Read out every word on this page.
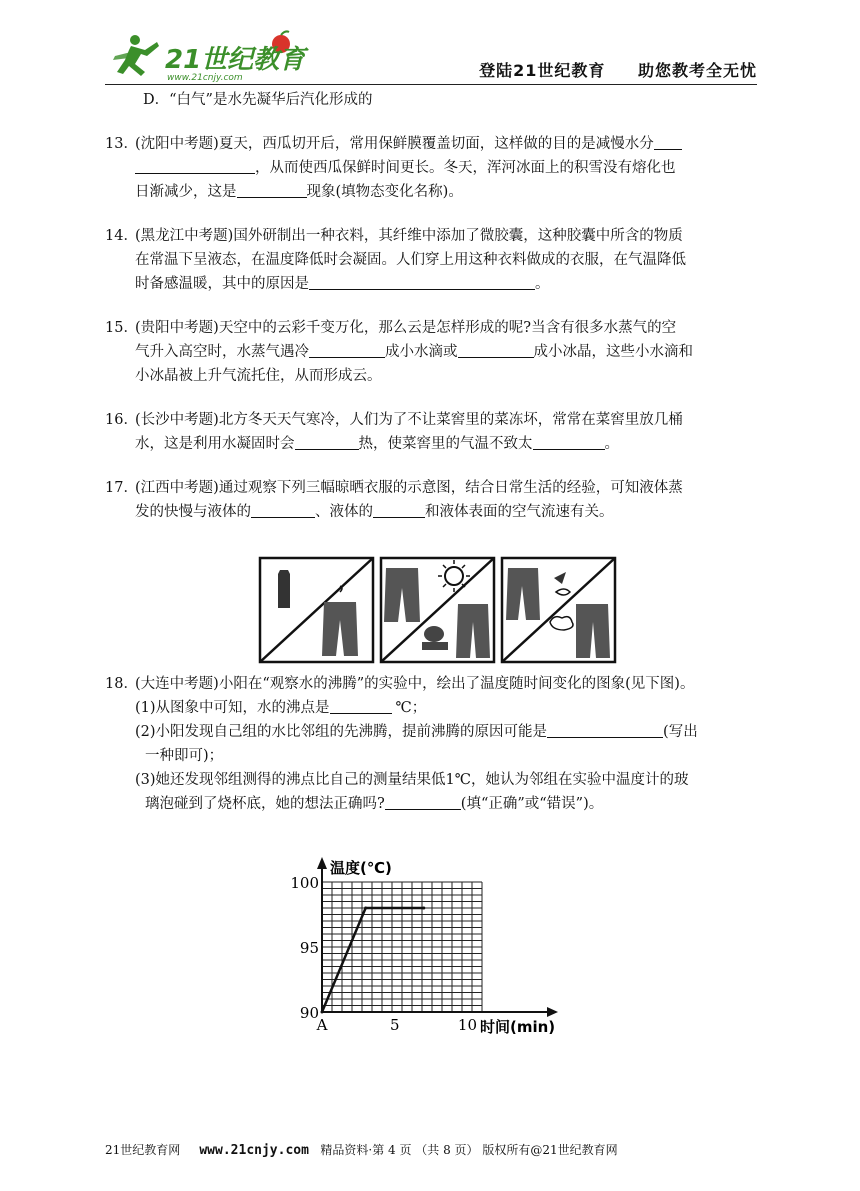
21世纪教育
www.21cnjy.com	登陆21世纪教育 助您教考全无忧
D．“白气”是水先凝华后汽化形成的
13．(沈阳中考题)夏天，西瓜切开后，常用保鲜膜覆盖切面，这样做的目的是减慢水分
，从而使西瓜保鲜时间更长。冬天，浑河冰面上的积雪没有熔化也
日渐减少，这是	现象(填物态变化名称)。
14．(黑龙江中考题)国外研制出一种衣料，其纤维中添加了微胶囊，这种胶囊中所含的物质
在常温下呈液态，在温度降低时会凝固。人们穿上用这种衣料做成的衣服，在气温降低
时备感温暖，其中的原因是	。
15．(贵阳中考题)天空中的云彩千变万化，那么云是怎样形成的呢?当含有很多水蒸气的空
气升入高空时，水蒸气遇冷	成小水滴或	成小冰晶，这些小水滴和
小冰晶被上升气流托住，从而形成云。
16．(长沙中考题)北方冬天天气寒冷，人们为了不让菜窖里的菜冻坏，常常在菜窖里放几桶
水，这是利用水凝固时会	热，使菜窖里的气温不致太	。
17．(江西中考题)通过观察下列三幅晾晒衣服的示意图，结合日常生活的经验，可知液体蒸
发的快慢与液体的	、液体的	和液体表面的空气流速有关。
18．(大连中考题)小阳在“观察水的沸腾”的实验中，绘出了温度随时间变化的图象(见下图)。
(1)从图象中可知，水的沸点是	℃；
(2)小阳发现自己组的水比邻组的先沸腾，提前沸腾的原因可能是	(写出
一种即可)；
(3)她还发现邻组测得的沸点比自己的测量结果低1℃，她认为邻组在实验中温度计的玻
璃泡碰到了烧杯底，她的想法正确吗?	(填“正确”或“错误”)。
90
95
100
5	10
A
温度(℃)
时间(min)
21世纪教育网 www.21cnjy.com 精品资料·第 4 页 （共 8 页） 版权所有@21世纪教育网
